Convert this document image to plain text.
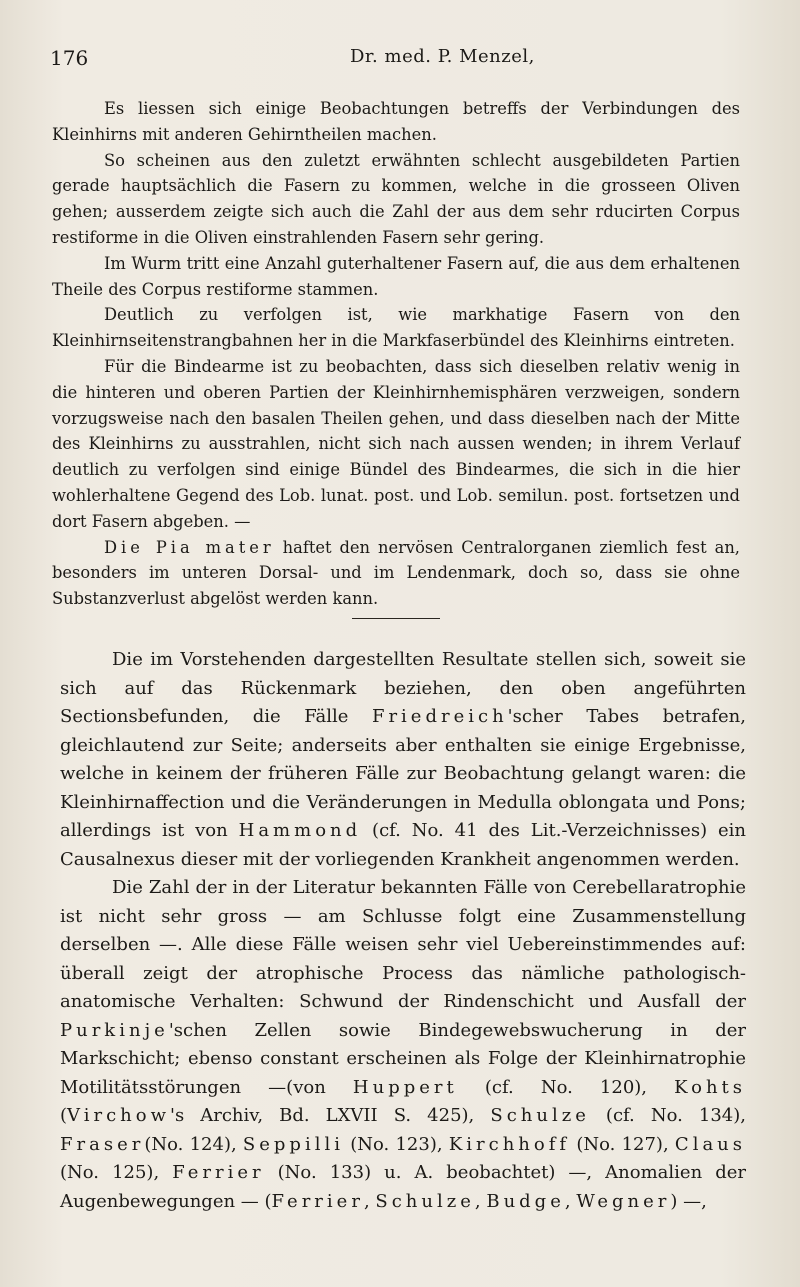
176	Dr. med. P. Menzel,

Es liessen sich einige Beobachtungen betreffs der Verbindungen des Kleinhirns mit anderen Gehirntheilen machen.

So scheinen aus den zuletzt erwähnten schlecht ausgebildeten Partien gerade hauptsächlich die Fasern zu kommen, welche in die grosseen Oliven gehen; ausserdem zeigte sich auch die Zahl der aus dem sehr rducirten Corpus restiforme in die Oliven einstrahlenden Fasern sehr gering.

Im Wurm tritt eine Anzahl guterhaltener Fasern auf, die aus dem erhaltenen Theile des Corpus restiforme stammen.

Deutlich zu verfolgen ist, wie markhatige Fasern von den Kleinhirnseitenstrangbahnen her in die Markfaserbündel des Kleinhirns eintreten.

Für die Bindearme ist zu beobachten, dass sich dieselben relativ wenig in die hinteren und oberen Partien der Kleinhirnhemisphären verzweigen, sondern vorzugsweise nach den basalen Theilen gehen, und dass dieselben nach der Mitte des Kleinhirns zu ausstrahlen, nicht sich nach aussen wenden; in ihrem Verlauf deutlich zu verfolgen sind einige Bündel des Bindearmes, die sich in die hier wohlerhaltene Gegend des Lob. lunat. post. und Lob. semilun. post. fortsetzen und dort Fasern abgeben. —

Die Pia mater haftet den nervösen Centralorganen ziemlich fest an, besonders im unteren Dorsal- und im Lendenmark, doch so, dass sie ohne Substanzverlust abgelöst werden kann.

Die im Vorstehenden dargestellten Resultate stellen sich, soweit sie sich auf das Rückenmark beziehen, den oben angeführten Sectionsbefunden, die Fälle Friedreich'scher Tabes betrafen, gleichlautend zur Seite; anderseits aber enthalten sie einige Ergebnisse, welche in keinem der früheren Fälle zur Beobachtung gelangt waren: die Kleinhirnaffection und die Veränderungen in Medulla oblongata und Pons; allerdings ist von Hammond (cf. No. 41 des Lit.-Verzeichnisses) ein Causalnexus dieser mit der vorliegenden Krankheit angenommen werden.

Die Zahl der in der Literatur bekannten Fälle von Cerebellaratrophie ist nicht sehr gross — am Schlusse folgt eine Zusammenstellung derselben —. Alle diese Fälle weisen sehr viel Uebereinstimmendes auf: überall zeigt der atrophische Process das nämliche pathologisch-anatomische Verhalten: Schwund der Rindenschicht und Ausfall der Purkinje'schen Zellen sowie Bindegewebswucherung in der Markschicht; ebenso constant erscheinen als Folge der Kleinhirnatrophie Motilitätsstörungen —(von Huppert (cf. No. 120), Kohts (Virchow's Archiv, Bd. LXVII S. 425), Schulze (cf. No. 134), Fraser(No. 124), Seppilli (No. 123), Kirchhoff (No. 127), Claus (No. 125), Ferrier (No. 133) u. A. beobachtet) —, Anomalien der Augenbewegungen — (Ferrier, Schulze, Budge, Wegner) —,
